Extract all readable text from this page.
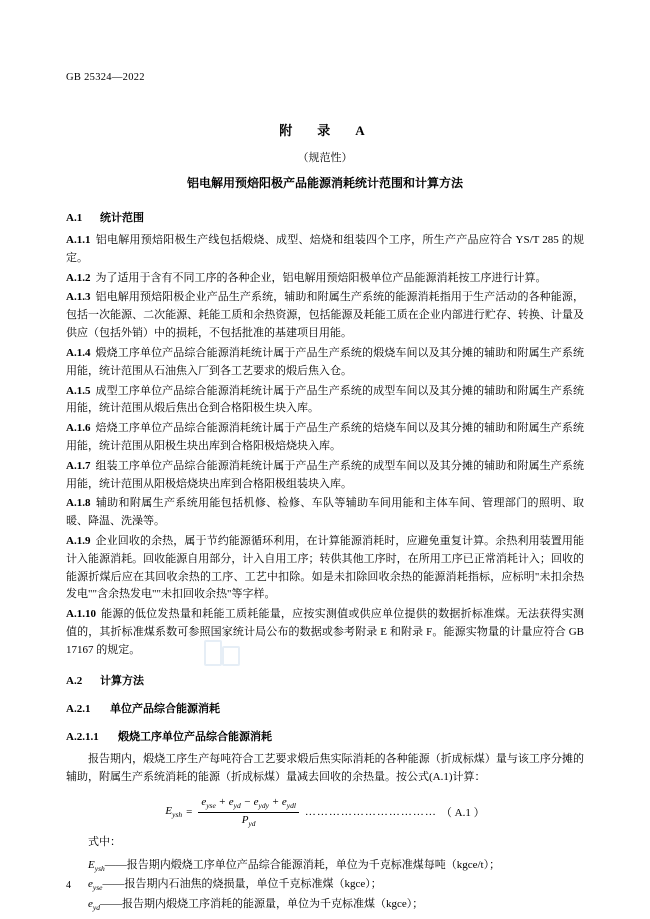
GB 25324—2022
附　录　A
（规范性）
铝电解用预焙阳极产品能源消耗统计范围和计算方法
A.1 统计范围

A.1.1 铝电解用预焙阳极生产线包括煅烧、成型、焙烧和组装四个工序，所生产产品应符合 YS/T 285 的规定。

A.1.2 为了适用于含有不同工序的各种企业，铝电解用预焙阳极单位产品能源消耗按工序进行计算。

A.1.3 铝电解用预焙阳极企业产品生产系统，辅助和附属生产系统的能源消耗指用于生产活动的各种能源，包括一次能源、二次能源、耗能工质和余热资源，包括能源及耗能工质在企业内部进行贮存、转换、计量及供应（包括外销）中的损耗，不包括批准的基建项目用能。

A.1.4 煅烧工序单位产品综合能源消耗统计属于产品生产系统的煅烧车间以及其分摊的辅助和附属生产系统用能，统计范围从石油焦入厂到各工艺要求的煅后焦入仓。

A.1.5 成型工序单位产品综合能源消耗统计属于产品生产系统的成型车间以及其分摊的辅助和附属生产系统用能，统计范围从煅后焦出仓到合格阳极生块入库。

A.1.6 焙烧工序单位产品综合能源消耗统计属于产品生产系统的焙烧车间以及其分摊的辅助和附属生产系统用能，统计范围从阳极生块出库到合格阳极焙烧块入库。

A.1.7 组装工序单位产品综合能源消耗统计属于产品生产系统的成型车间以及其分摊的辅助和附属生产系统用能，统计范围从阳极焙烧块出库到合格阳极组装块入库。

A.1.8 辅助和附属生产系统用能包括机修、检修、车队等辅助车间用能和主体车间、管理部门的照明、取暖、降温、洗澡等。

A.1.9 企业回收的余热，属于节约能源循环利用，在计算能源消耗时，应避免重复计算。余热利用装置用能计入能源消耗。回收能源自用部分，计入自用工序；转供其他工序时，在所用工序已正常消耗计入；回收的能源折煤后应在其回收余热的工序、工艺中扣除。如是未扣除回收余热的能源消耗指标，应标明"未扣余热发电""含余热发电""未扣回收余热"等字样。

A.1.10 能源的低位发热量和耗能工质耗能量，应按实测值或供应单位提供的数据折标准煤。无法获得实测值的，其折标准煤系数可参照国家统计局公布的数据或参考附录 E 和附录 F。能源实物量的计量应符合 GB 17167 的规定。

A.2 计算方法
A.2.1 单位产品综合能源消耗
A.2.1.1 煅烧工序单位产品综合能源消耗

报告期内，煅烧工序生产每吨符合工艺要求煅后焦实际消耗的各种能源（折成标煤）量与该工序分摊的辅助，附属生产系统消耗的能源（折成标煤）量减去回收的余热量。按公式(A.1)计算：

$E_{ysh} = \frac{e_{yse} + e_{yd} - e_{ydy} + e_{ydl}}{P_{yd}}$ …………………………… （ A.1 ）

式中：

$E_{ysh}——$报告期内煅烧工序单位产品综合能源消耗，单位为千克标准煤每吨（kgce/t）；
$e_{yse}——$报告期内石油焦的烧损量，单位千克标准煤（kgce）；
$e_{yd}——$报告期内煅烧工序消耗的能源量，单位为千克标准煤（kgce）；
4
